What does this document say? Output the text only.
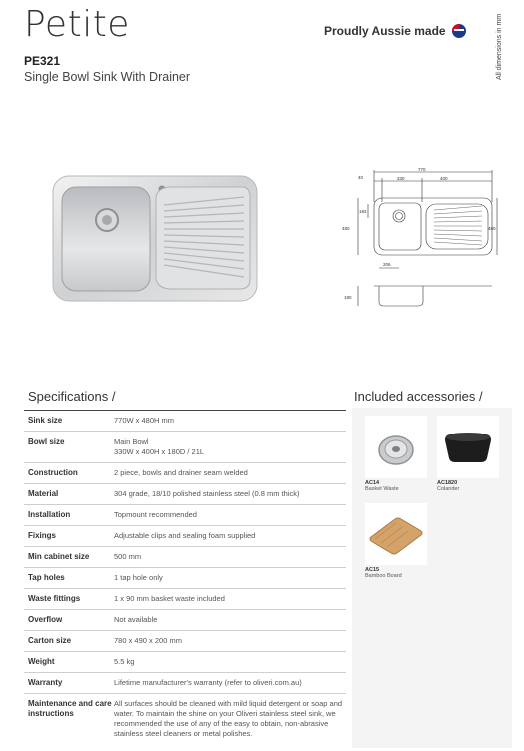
Petite
PE321
Single Bowl Sink With Drainer
Proudly Aussie made	All dimensions in mm
770
40	330	400
480	480
193
206
180
Specifications /	Included accessories /
Sink size	770W x 480H mm
Bowl size	Main Bowl
330W x 400H x 180D / 21L
Construction	2 piece, bowls and drainer seam welded
Material	304 grade, 18/10 polished stainless steel (0.8 mm thick)
Installation	Topmount recommended
Fixings	Adjustable clips and sealing foam supplied
Min cabinet size	500 mm
Tap holes	1 tap hole only
Waste fittings	1 x 90 mm basket waste included
Overflow	Not available
Carton size	780 x 490 x 200 mm
Weight	5.5 kg
Warranty	Lifetime manufacturer's warranty (refer to oliveri.com.au)
Maintenance and care instructions
All surfaces should be cleaned with mild liquid detergent or soap and water. To maintain the shine on your Oliveri stainless steel sink, we recommended the use of any of the easy to obtain, non-abrasive stainless steel cleaners or metal polishes.
AC14
Basket Waste
AC1820
Colander
AC15
Bamboo Board
